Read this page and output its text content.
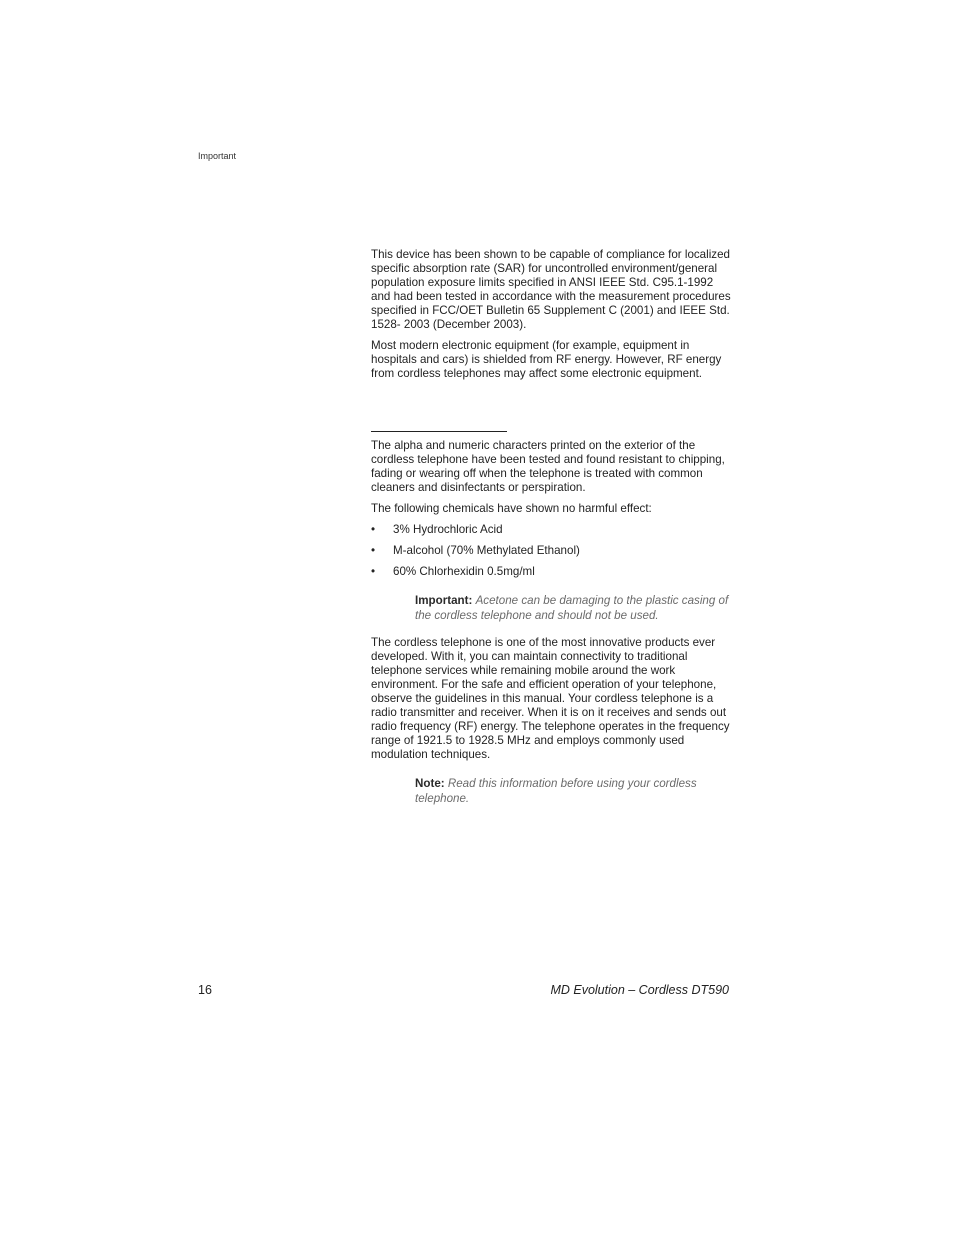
Important

This device has been shown to be capable of compliance for localized specific absorption rate (SAR) for uncontrolled environment/general population exposure limits specified in ANSI IEEE Std. C95.1-1992 and had been tested in accordance with the measurement procedures specified in FCC/OET Bulletin 65 Supplement C (2001) and IEEE Std. 1528- 2003 (December 2003).

Most modern electronic equipment (for example, equipment in hospitals and cars) is shielded from RF energy. However, RF energy from cordless telephones may affect some electronic equipment.

The alpha and numeric characters printed on the exterior of the cordless telephone have been tested and found resistant to chipping, fading or wearing off when the telephone is treated with common cleaners and disinfectants or perspiration.

The following chemicals have shown no harmful effect:

• 3% Hydrochloric Acid
• M-alcohol (70% Methylated Ethanol)
• 60% Chlorhexidin 0.5mg/ml
Important: Acetone can be damaging to the plastic casing of the cordless telephone and should not be used.

The cordless telephone is one of the most innovative products ever developed. With it, you can maintain connectivity to traditional telephone services while remaining mobile around the work environment. For the safe and efficient operation of your telephone, observe the guidelines in this manual. Your cordless telephone is a radio transmitter and receiver. When it is on it receives and sends out radio frequency (RF) energy. The telephone operates in the frequency range of 1921.5 to 1928.5 MHz and employs commonly used modulation techniques.

Note: Read this information before using your cordless telephone.
16	MD Evolution – Cordless DT590
